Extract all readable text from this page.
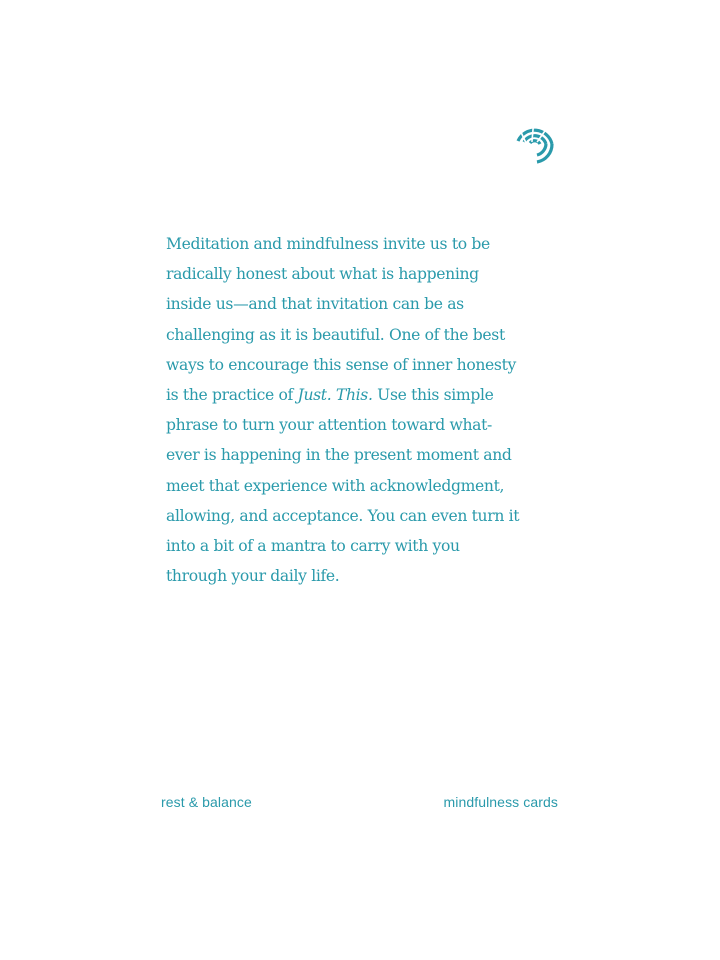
Meditation and mindfulness invite us to be
radically honest about what is happening
inside us—and that invitation can be as
challenging as it is beautiful. One of the best
ways to encourage this sense of inner honesty
is the practice of Just. This. Use this simple
phrase to turn your attention toward what-
ever is happening in the present moment and
meet that experience with acknowledgment,
allowing, and acceptance. You can even turn it
into a bit of a mantra to carry with you
through your daily life.

rest & balance	mindfulness cards
